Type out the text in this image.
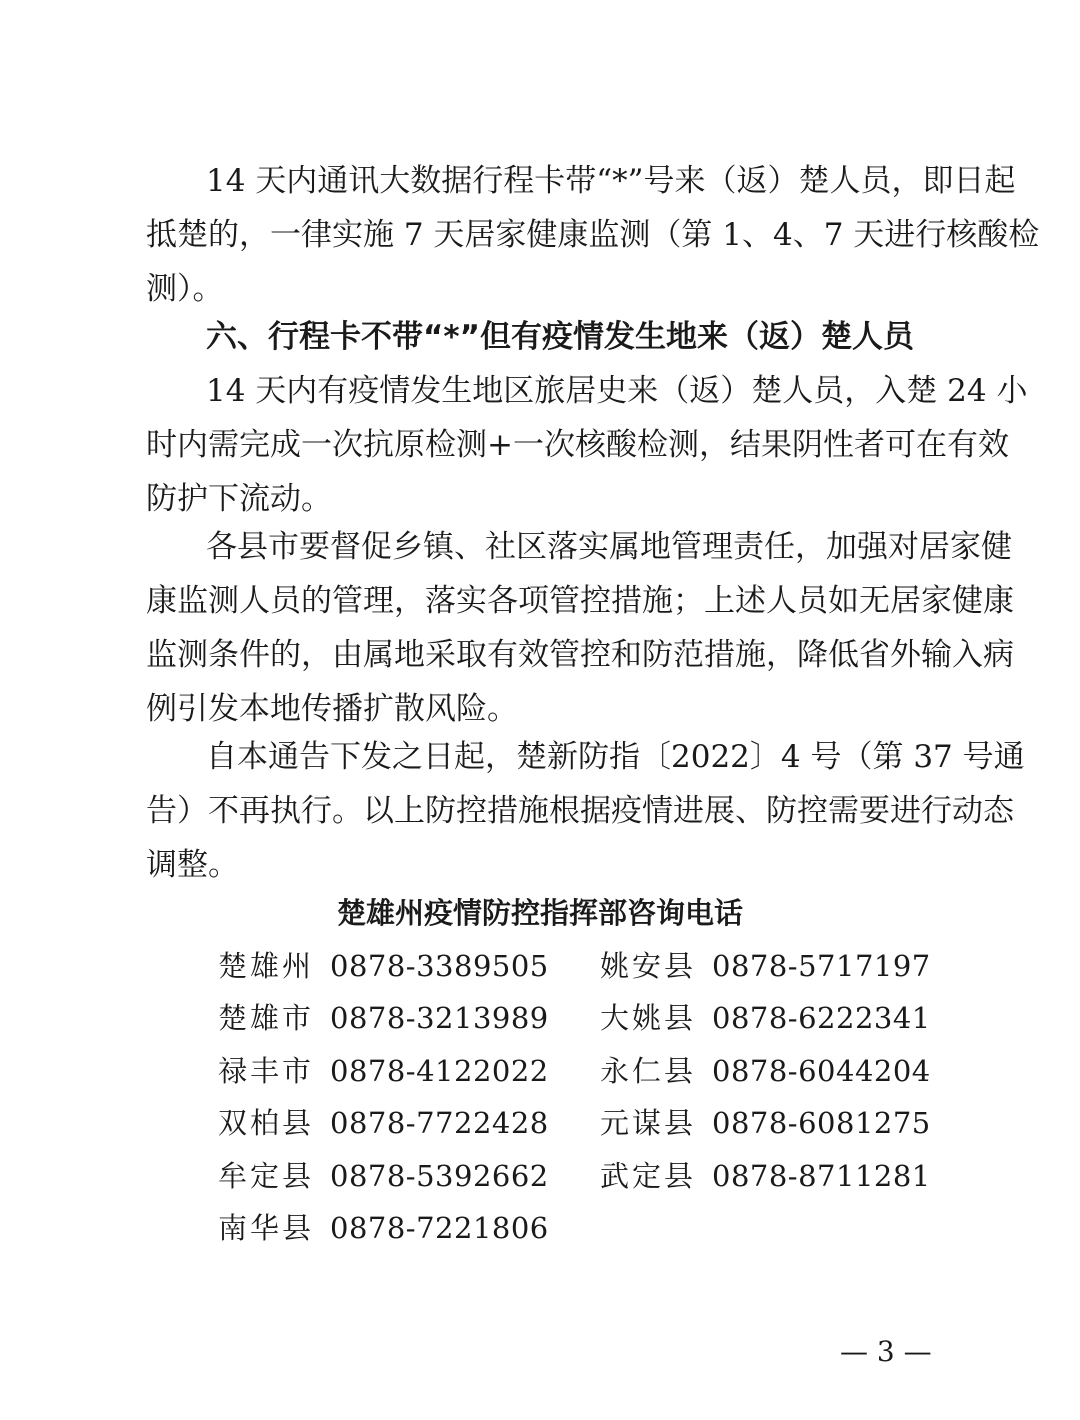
14 天内通讯大数据行程卡带“*”号来（返）楚人员，即日起
抵楚的，一律实施 7 天居家健康监测（第 1、4、7 天进行核酸检
测）。
六、行程卡不带“*”但有疫情发生地来（返）楚人员
14 天内有疫情发生地区旅居史来（返）楚人员，入楚 24 小
时内需完成一次抗原检测+一次核酸检测，结果阴性者可在有效
防护下流动。
各县市要督促乡镇、社区落实属地管理责任，加强对居家健
康监测人员的管理，落实各项管控措施；上述人员如无居家健康
监测条件的，由属地采取有效管控和防范措施，降低省外输入病
例引发本地传播扩散风险。
自本通告下发之日起，楚新防指〔2022〕4 号（第 37 号通
告）不再执行。以上防控措施根据疫情进展、防控需要进行动态
调整。
楚雄州疫情防控指挥部咨询电话
楚雄州 0878-3389505
楚雄市 0878-3213989
禄丰市 0878-4122022
双柏县 0878-7722428
牟定县 0878-5392662
南华县 0878-7221806
姚安县 0878-5717197
大姚县 0878-6222341
永仁县 0878-6044204
元谋县 0878-6081275
武定县 0878-8711281
— 3 —
